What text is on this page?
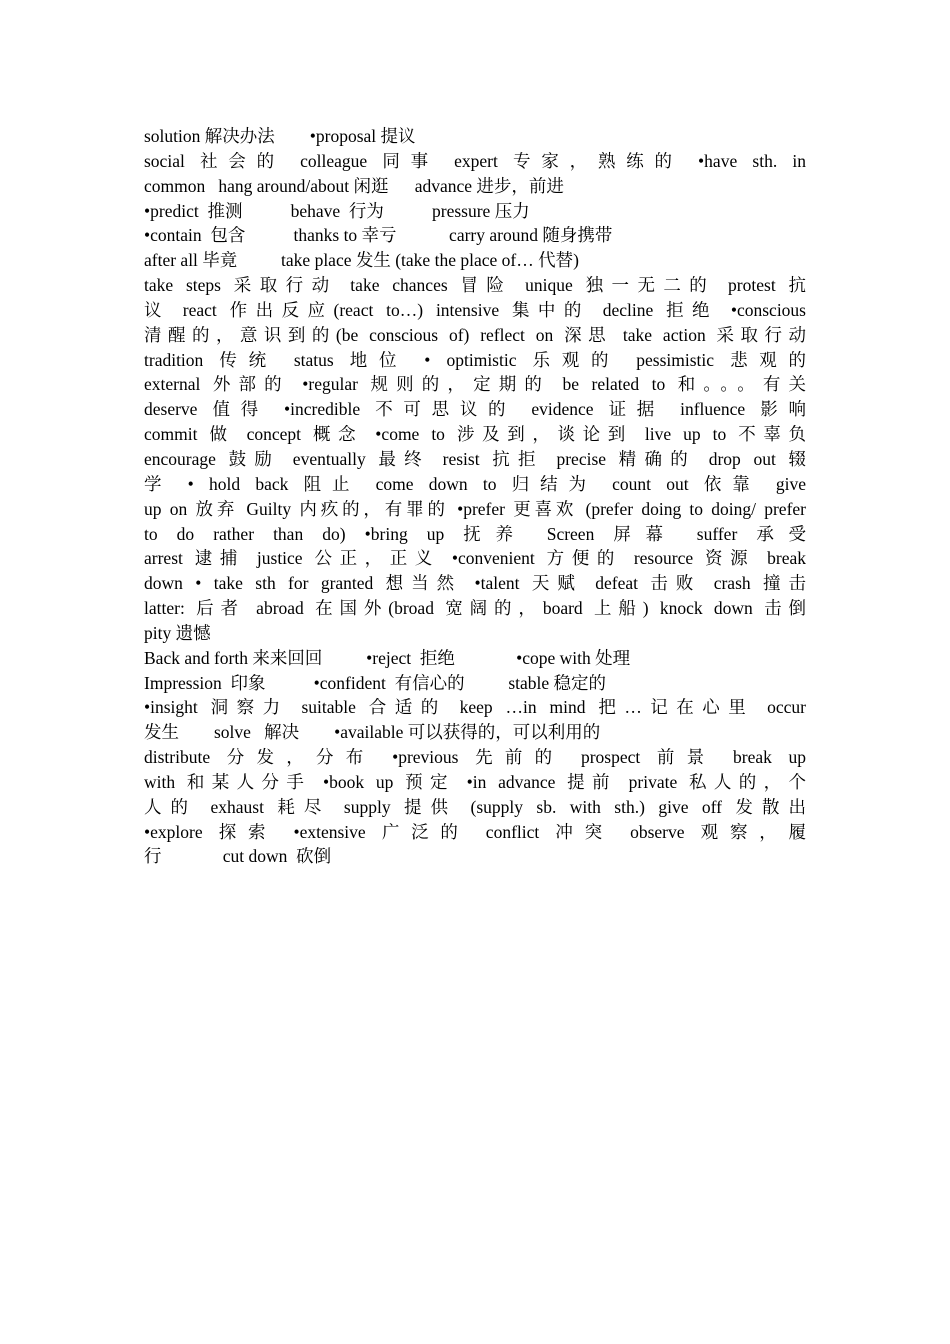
solution 解决办法        •proposal 提议
social 社会的 colleague 同事 expert 专家，熟练的 •have sth. in
common   hang around/about 闲逛      advance 进步，前进
•predict  推测           behave  行为           pressure 压力
•contain  包含           thanks to 幸亏            carry around 随身携带
after all 毕竟          take place 发生 (take the place of… 代替)
take steps 采取行动 take chances 冒险 unique 独一无二的 protest 抗
议 react 作出反应(react to…) intensive 集中的 decline 拒绝 •conscious
清醒的，意识到的(be conscious of) reflect on 深思 take action 采取行动
tradition 传统 status 地位 • optimistic 乐观的 pessimistic 悲观的
external 外部的 •regular 规则的，定期的 be related to 和。。。有关
deserve 值得 •incredible 不可思议的 evidence 证据 influence 影响
commit 做 concept 概念 •come to 涉及到，谈论到 live up to 不辜负
encourage 鼓励 eventually 最终 resist 抗拒 precise 精确的 drop out 辍
学 • hold back 阻止 come down to 归结为 count out 依靠 give
up on 放弃 Guilty 内疚的，有罪的 •prefer 更喜欢 (prefer doing to doing/ prefer
to do rather than do) •bring up 抚养 Screen 屏幕 suffer 承受
arrest 逮捕 justice 公正，正义 •convenient 方便的 resource 资源 break
down • take sth for granted 想当然 •talent 天赋 defeat 击败 crash 撞击
latter: 后者 abroad 在国外(broad 宽阔的，board 上船) knock down 击倒
pity 遗憾
Back and forth 来来回回          •reject  拒绝              •cope with 处理
Impression  印象           •confident  有信心的          stable 稳定的
•insight 洞察力 suitable 合适的 keep …in mind 把…记在心里 occur
发生        solve   解决        •available 可以获得的，可以利用的
distribute 分发，分布 •previous 先前的 prospect 前景 break up
with 和某人分手 •book up 预定 •in advance 提前 private 私人的，个
人的 exhaust 耗尽 supply 提供 (supply sb. with sth.) give off 发散出
•explore 探索 •extensive 广泛的 conflict 冲突 observe 观察，履
行              cut down  砍倒
